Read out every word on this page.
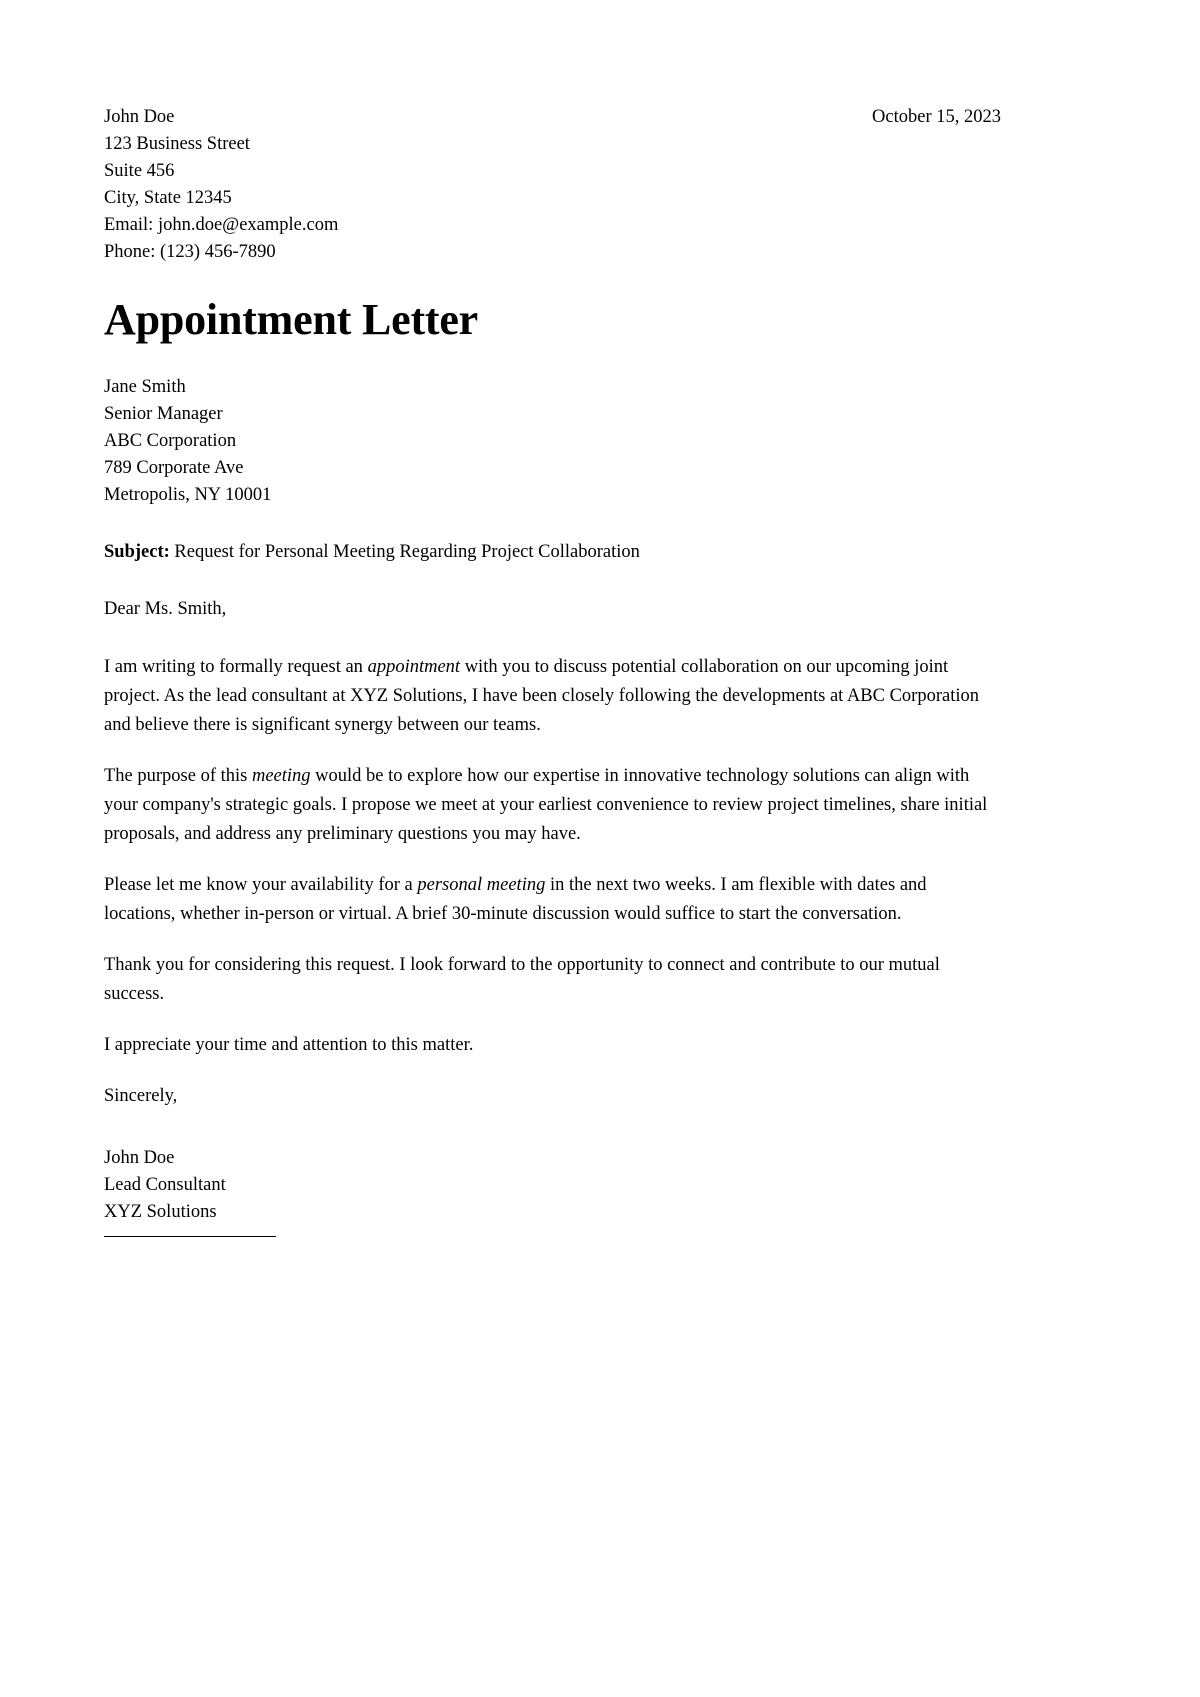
John Doe
123 Business Street
Suite 456
City, State 12345
Email: john.doe@example.com
Phone: (123) 456-7890
October 15, 2023
Appointment Letter
Jane Smith
Senior Manager
ABC Corporation
789 Corporate Ave
Metropolis, NY 10001
Subject: Request for Personal Meeting Regarding Project Collaboration
Dear Ms. Smith,

I am writing to formally request an appointment with you to discuss potential collaboration on our upcoming joint project. As the lead consultant at XYZ Solutions, I have been closely following the developments at ABC Corporation and believe there is significant synergy between our teams.

The purpose of this meeting would be to explore how our expertise in innovative technology solutions can align with your company's strategic goals. I propose we meet at your earliest convenience to review project timelines, share initial proposals, and address any preliminary questions you may have.

Please let me know your availability for a personal meeting in the next two weeks. I am flexible with dates and locations, whether in-person or virtual. A brief 30-minute discussion would suffice to start the conversation.

Thank you for considering this request. I look forward to the opportunity to connect and contribute to our mutual success.

I appreciate your time and attention to this matter.

Sincerely,
John Doe
Lead Consultant
XYZ Solutions
